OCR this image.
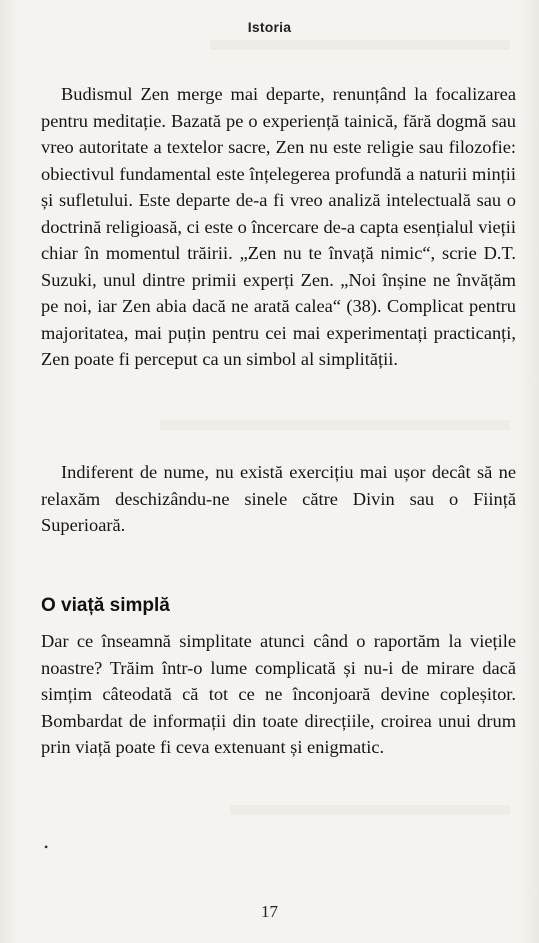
Istoria

Budismul Zen merge mai departe, renunțând la focalizarea pentru meditație. Bazată pe o experiență tainică, fără dogmă sau vreo autoritate a textelor sacre, Zen nu este religie sau filozofie: obiectivul fundamental este înțelegerea profundă a naturii minții și sufletului. Este departe de-a fi vreo analiză intelectuală sau o doctrină religioasă, ci este o încercare de-a capta esențialul vieții chiar în momentul trăirii. „Zen nu te învață nimic“, scrie D.T. Suzuki, unul dintre primii experți Zen. „Noi înșine ne învățăm pe noi, iar Zen abia dacă ne arată calea“ (38). Complicat pentru majoritatea, mai puțin pentru cei mai experimentați practicanți, Zen poate fi perceput ca un simbol al simplității.

Indiferent de nume, nu există exercițiu mai ușor decât să ne relaxăm deschizându-ne sinele către Divin sau o Ființă Superioară.

O viață simplă

Dar ce înseamnă simplitate atunci când o raportăm la viețile noastre? Trăim într-o lume complicată și nu-i de mirare dacă simțim câteodată că tot ce ne înconjoară devine copleșitor. Bombardat de informații din toate direcțiile, croirea unui drum prin viață poate fi ceva extenuant și enigmatic.

•
17
